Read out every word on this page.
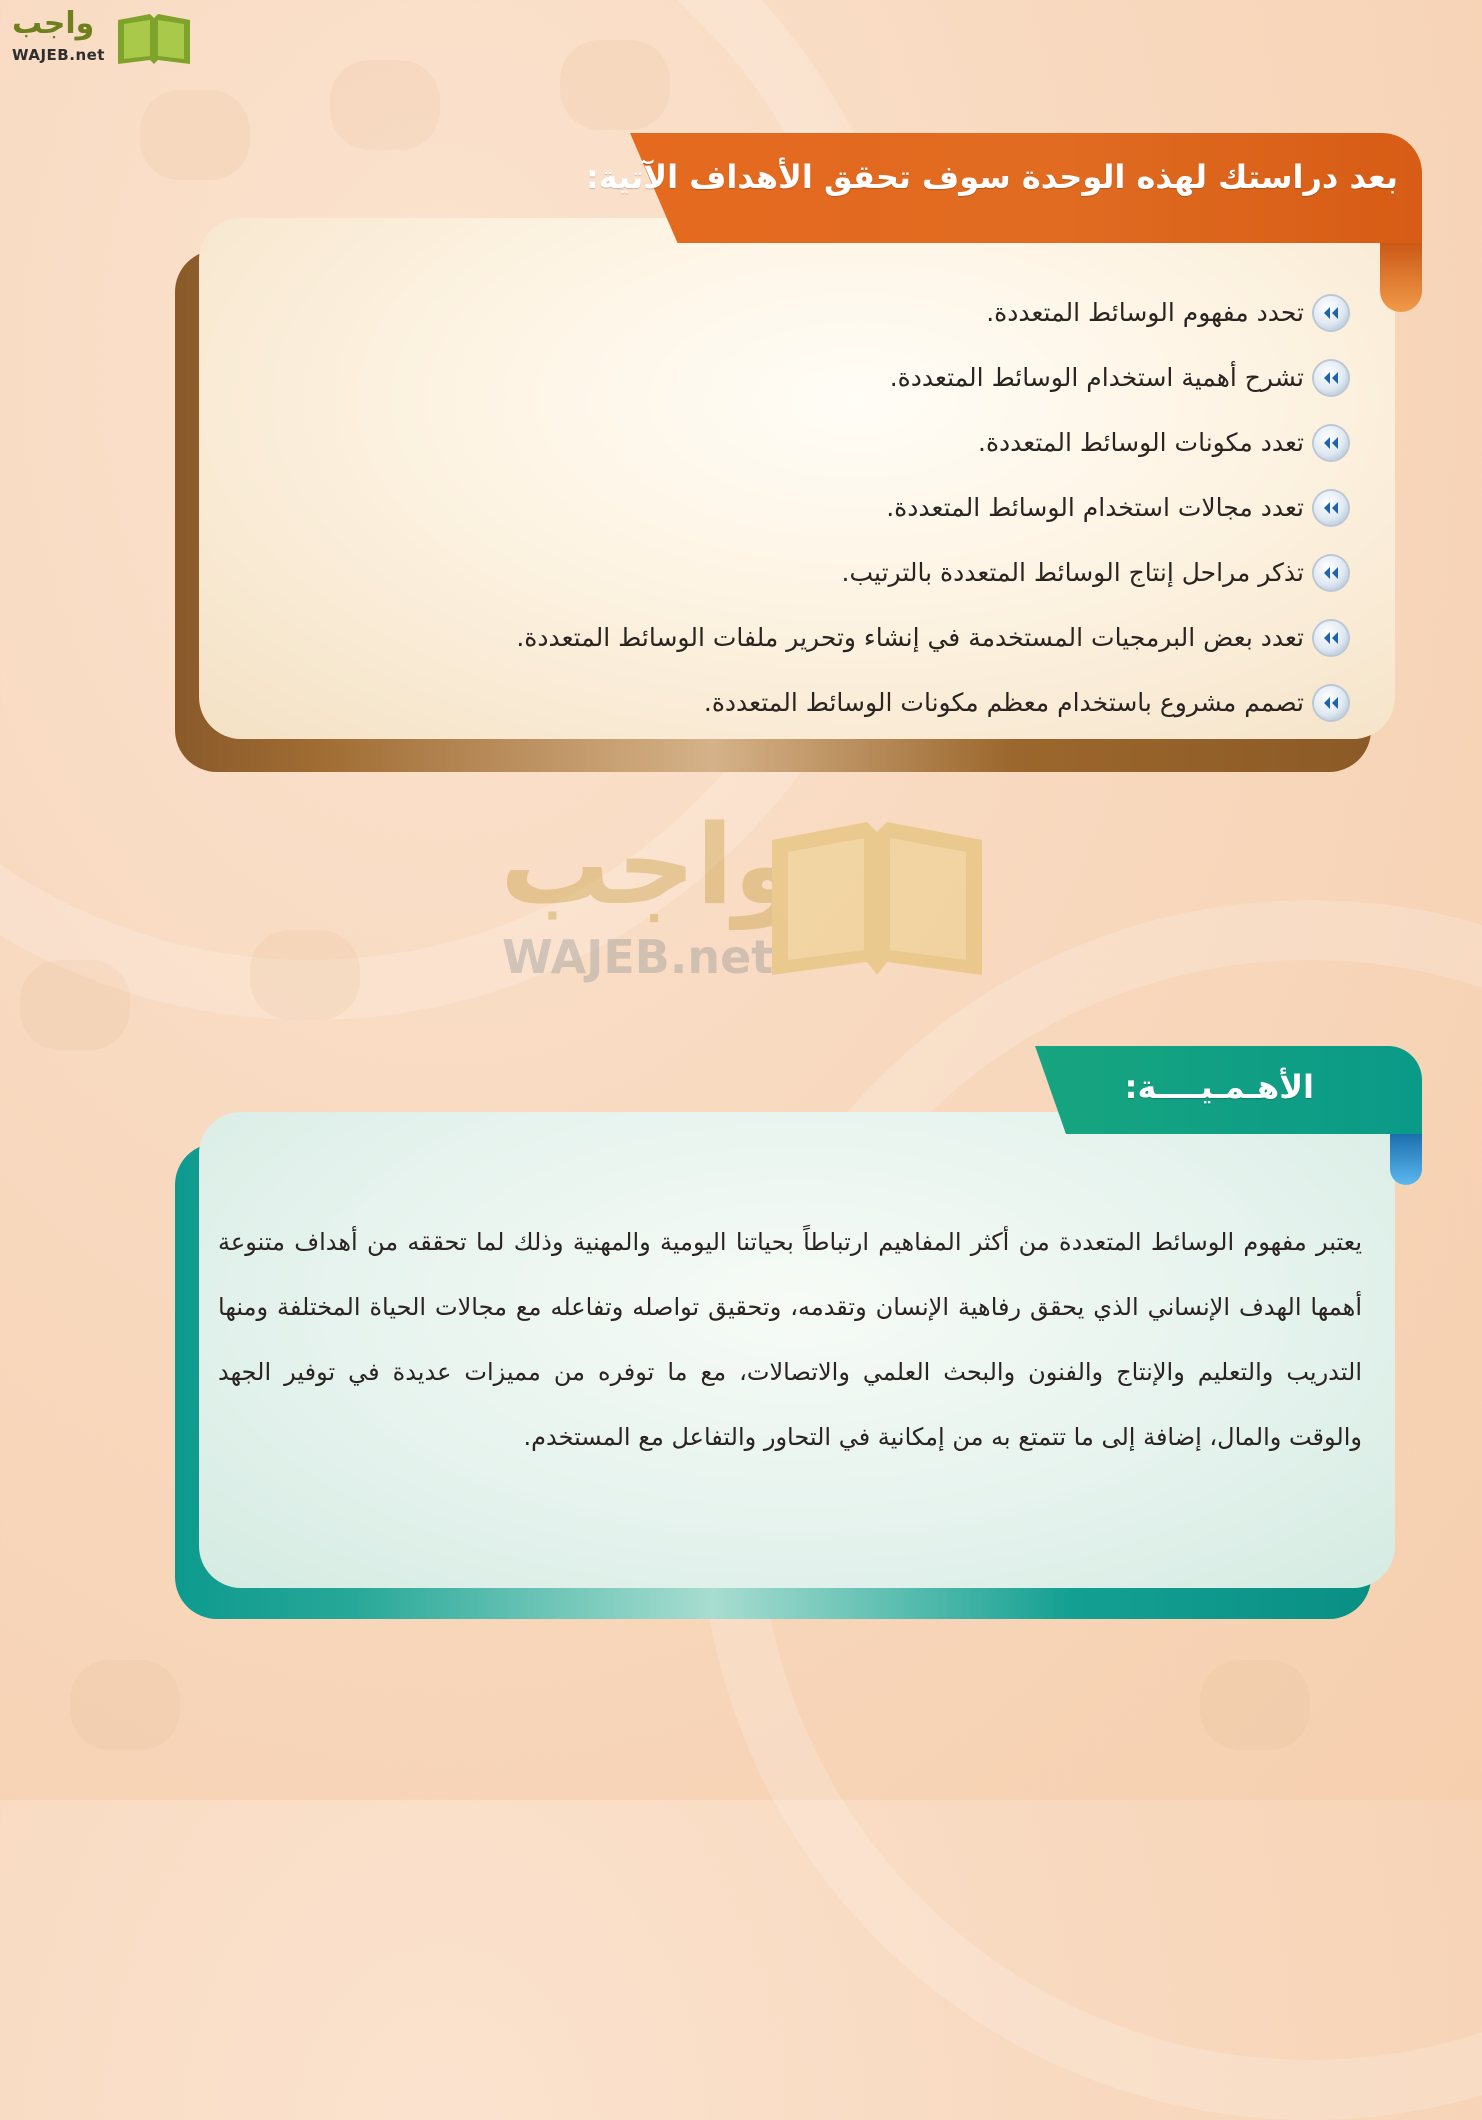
واجب
WAJEB.net
بعد دراستك لهذه الوحدة سوف تحقق الأهداف الآتية:
تحدد مفهوم الوسائط المتعددة.
تشرح أهمية استخدام الوسائط المتعددة.
تعدد مكونات الوسائط المتعددة.
تعدد مجالات استخدام الوسائط المتعددة.
تذكر مراحل إنتاج الوسائط المتعددة بالترتيب.
تعدد بعض البرمجيات المستخدمة في إنشاء وتحرير ملفات الوسائط المتعددة.
تصمم مشروع باستخدام معظم مكونات الوسائط المتعددة.
واجب
WAJEB.net
الأهـمـيــــة:

يعتبر مفهوم الوسائط المتعددة من أكثر المفاهيم ارتباطاً بحياتنا اليومية والمهنية وذلك لما تحققه من أهداف متنوعة أهمها الهدف الإنساني الذي يحقق رفاهية الإنسان وتقدمه، وتحقيق تواصله وتفاعله مع مجالات الحياة المختلفة ومنها التدريب والتعليم والإنتاج والفنون والبحث العلمي والاتصالات، مع ما توفره من مميزات عديدة في توفير الجهد والوقت والمال، إضافة إلى ما تتمتع به من إمكانية في التحاور والتفاعل مع المستخدم.
